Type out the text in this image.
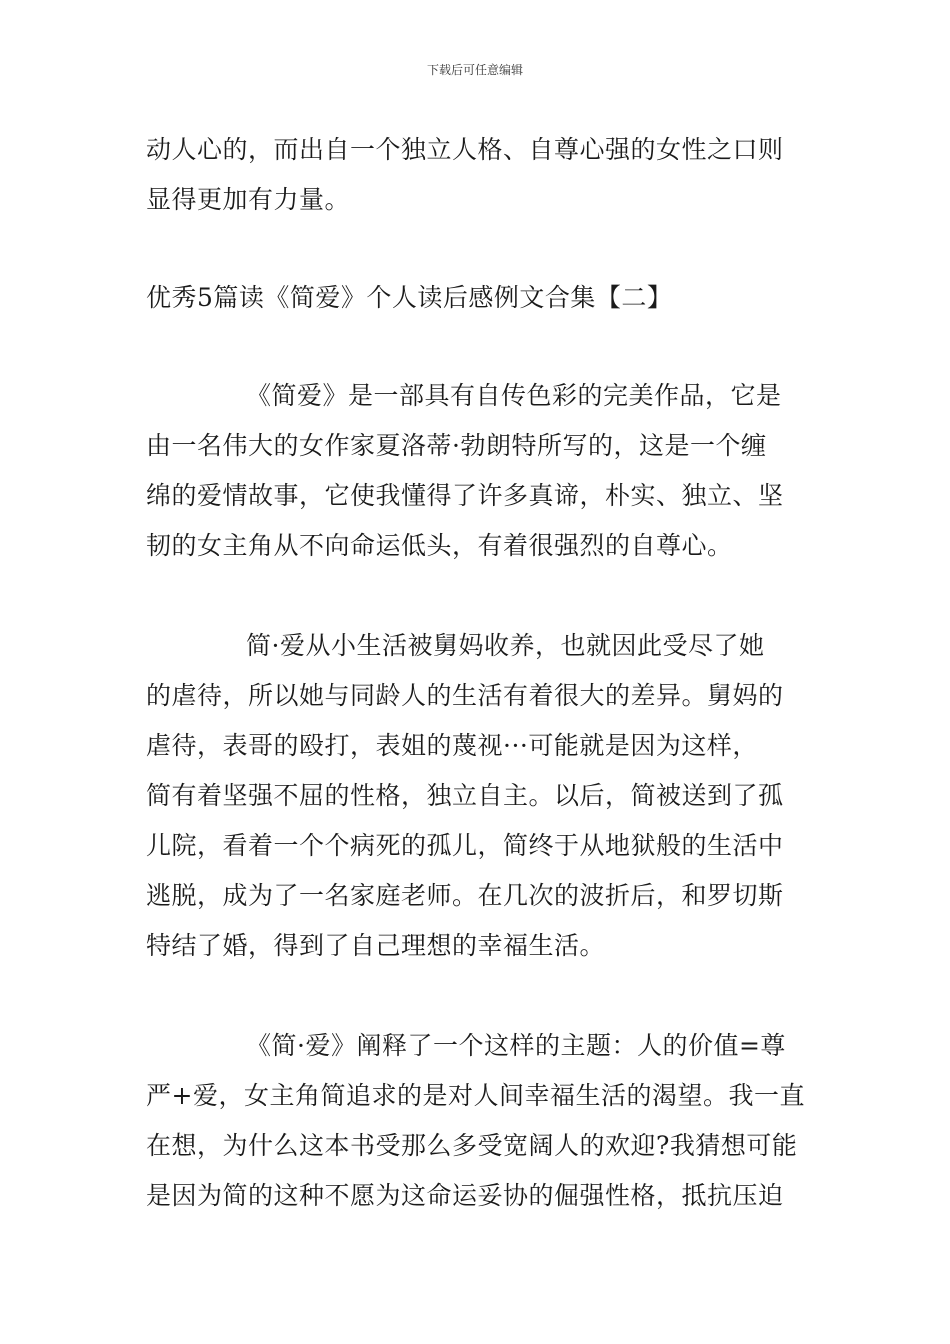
下载后可任意编辑
动人心的，而出自一个独立人格、自尊心强的女性之口则
显得更加有力量。
优秀5篇读《简爱》个人读后感例文合集【二】
《简爱》是一部具有自传色彩的完美作品，它是
由一名伟大的女作家夏洛蒂·勃朗特所写的，这是一个缠
绵的爱情故事，它使我懂得了许多真谛，朴实、独立、坚
韧的女主角从不向命运低头，有着很强烈的自尊心。
简·爱从小生活被舅妈收养，也就因此受尽了她
的虐待，所以她与同龄人的生活有着很大的差异。舅妈的
虐待，表哥的殴打，表姐的蔑视···可能就是因为这样，
简有着坚强不屈的性格，独立自主。以后，简被送到了孤
儿院，看着一个个病死的孤儿，简终于从地狱般的生活中
逃脱，成为了一名家庭老师。在几次的波折后，和罗切斯
特结了婚，得到了自己理想的幸福生活。
《简·爱》阐释了一个这样的主题：人的价值=尊
严+爱，女主角简追求的是对人间幸福生活的渴望。我一直
在想，为什么这本书受那么多受宽阔人的欢迎?我猜想可能
是因为简的这种不愿为这命运妥协的倔强性格，抵抗压迫
